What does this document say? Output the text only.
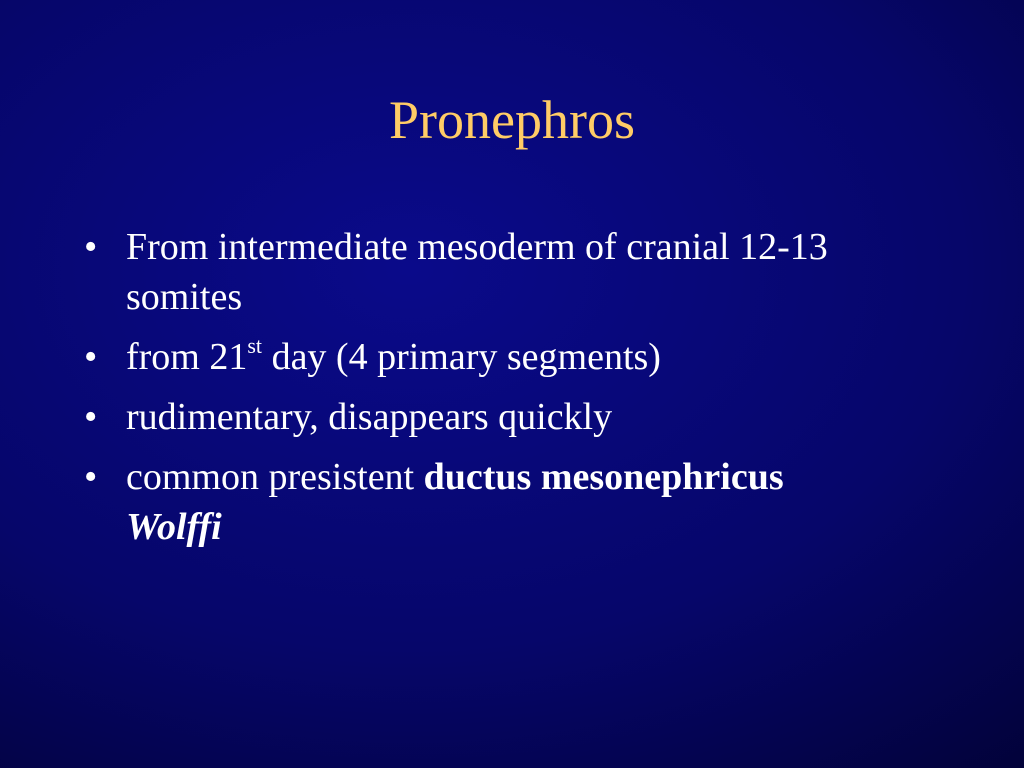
Pronephros
• From intermediate mesoderm of cranial 12-13 somites
• from 21st day (4 primary segments)
• rudimentary, disappears quickly
• common presistent ductus mesonephricus
Wolffi
